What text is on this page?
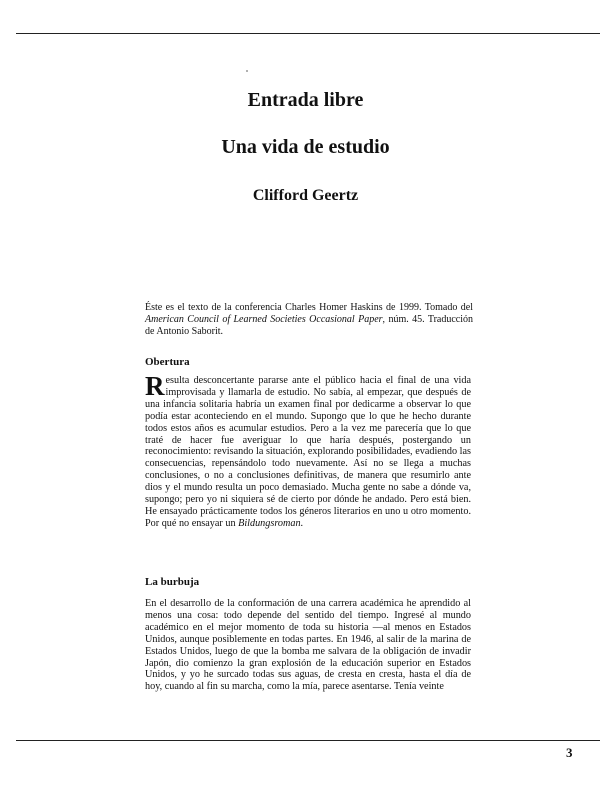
Entrada libre
Una vida de estudio
Clifford Geertz
Éste es el texto de la conferencia Charles Homer Haskins de 1999. Tomado del American Council of Learned Societies Occasional Paper, núm. 45. Traducción de Antonio Saborit.
Obertura
Resulta desconcertante pararse ante el público hacia el final de una vida improvisada y llamarla de estudio. No sabía, al empezar, que después de una infancia solitaria habría un examen final por dedicarme a observar lo que podía estar aconteciendo en el mundo. Supongo que lo que he hecho durante todos estos años es acumular estudios. Pero a la vez me parecería que lo que traté de hacer fue averiguar lo que haría después, postergando un reconocimiento: revisando la situación, explorando posibilidades, evadiendo las consecuencias, repensándolo todo nuevamente. Así no se llega a muchas conclusiones, o no a conclusiones definitivas, de manera que resumirlo ante dios y el mundo resulta un poco demasiado. Mucha gente no sabe a dónde va, supongo; pero yo ni siquiera sé de cierto por dónde he andado. Pero está bien. He ensayado prácticamente todos los géneros literarios en uno u otro momento. Por qué no ensayar un Bildungsroman.
La burbuja
En el desarrollo de la conformación de una carrera académica he aprendido al menos una cosa: todo depende del sentido del tiempo. Ingresé al mundo académico en el mejor momento de toda su historia —al menos en Estados Unidos, aunque posiblemente en todas partes. En 1946, al salir de la marina de Estados Unidos, luego de que la bomba me salvara de la obligación de invadir Japón, dio comienzo la gran explosión de la educación superior en Estados Unidos, y yo he surcado todas sus aguas, de cresta en cresta, hasta el día de hoy, cuando al fin su marcha, como la mía, parece asentarse. Tenía veinte
3
